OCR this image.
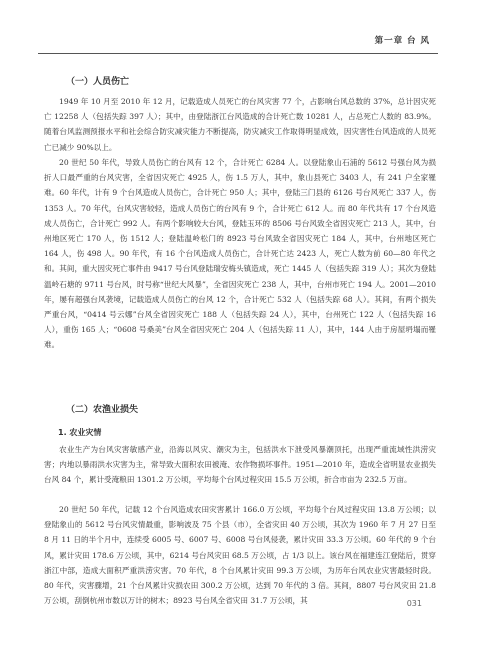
第一章 台 风
（一）人员伤亡

1949 年 10 月至 2010 年 12 月，记载造成人员死亡的台风灾害 77 个，占影响台风总数的 37%，总计因灾死亡 12258 人（包括失踪 397 人）；其中，由登陆浙江台风造成的合计死亡数 10281 人，占总死亡人数的 83.9%。随着台风监测预报水平和社会综合防灾减灾能力不断提高，防灾减灾工作取得明显成效，因灾害性台风造成的人员死亡已减少 90%以上。

20 世纪 50 年代，导致人员伤亡的台风有 12 个，合计死亡 6284 人。以登陆象山石浦的 5612 号强台风为损折人口最严重的台风灾害，全省因灾死亡 4925 人，伤 1.5 万人，其中，象山县死亡 3403 人，有 241 户全家罹难。60 年代，计有 9 个台风造成人员伤亡，合计死亡 950 人；其中，登陆三门县的 6126 号台风死亡 337 人，伤 1353 人。70 年代，台风灾害较轻，造成人员伤亡的台风有 9 个，合计死亡 612 人。而 80 年代共有 17 个台风造成人员伤亡，合计死亡 992 人。有两个影响较大台风，登陆玉环的 8506 号台风致全省因灾死亡 213 人，其中，台州地区死亡 170 人，伤 1512 人；登陆温岭松门的 8923 号台风致全省因灾死亡 184 人，其中，台州地区死亡 164 人，伤 498 人。90 年代，有 16 个台风造成人员伤亡，合计死亡达 2423 人，死亡人数为前 60—80 年代之和。其间，重大因灾死亡事件由 9417 号台风登陆瑞安梅头镇造成，死亡 1445 人（包括失踪 319 人）；其次为登陆温岭石塘的 9711 号台风，时号称“世纪大风暴”，全省因灾死亡 238 人，其中，台州市死亡 194 人。2001—2010 年，屡有超强台风袭境，记载造成人员伤亡的台风 12 个，合计死亡 532 人（包括失踪 68 人）。其间，有两个损失严重台风，“0414 号云娜”台风全省因灾死亡 188 人（包括失踪 24 人），其中，台州死亡 122 人（包括失踪 16 人），重伤 165 人；“0608 号桑美”台风全省因灾死亡 204 人（包括失踪 11 人），其中，144 人由于房屋坍塌而罹难。

（二）农渔业损失
1. 农业灾情

农业生产为台风灾害敏感产业，沿海以风灾、潮灾为主，包括洪水下泄受风暴潮顶托，出现严重流域性洪涝灾害；内地以暴雨洪水灾害为主，常导致大面积农田被淹、农作物损坏事件。1951—2010 年，造成全省明显农业损失台风 84 个，累计受淹粮田 1301.2 万公顷，平均每个台风过程灾田 15.5 万公顷，折合市亩为 232.5 万亩。

20 世纪 50 年代，记载 12 个台风造成农田灾害累计 166.0 万公顷，平均每个台风过程灾田 13.8 万公顷；以登陆象山的 5612 号台风灾情最重，影响波及 75 个县（市），全省灾田 40 万公顷，其次为 1960 年 7 月 27 日至 8 月 11 日的半个月中，连续受 6005 号、6007 号、6008 号台风侵袭，累计灾田 33.3 万公顷。60 年代的 9 个台风，累计灾田 178.6 万公顷，其中，6214 号台风灾田 68.5 万公顷，占 1/3 以上。该台风在福建连江登陆后，贯穿浙江中部，造成大面积严重洪涝灾害。70 年代，8 个台风累计灾田 99.3 万公顷，为历年台风农业灾害最轻时段。80 年代，灾害骤增，21 个台风累计灾损农田 300.2 万公顷，达到 70 年代的 3 倍。其间，8807 号台风灾田 21.8 万公顷，刮倒杭州市数以万计的树木；8923 号台风全省灾田 31.7 万公顷，其	031
